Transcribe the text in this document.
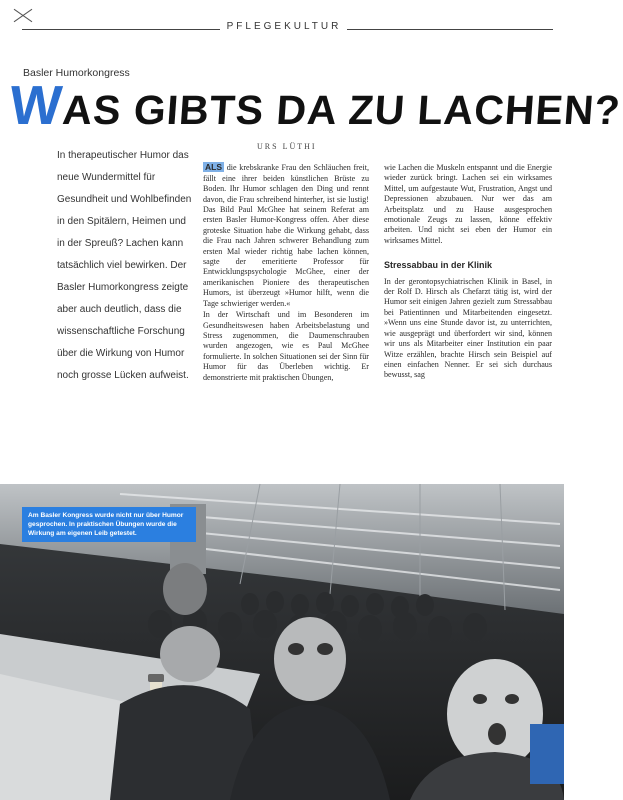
PFLEGEKULTUR
Basler Humorkongress
WAS GIBTS DA ZU LACHEN?
In therapeutischer Humor das neue Wundermittel für Gesundheit und Wohlbefinden in den Spitälern, Heimen und in der Spreuß? Lachen kann tatsächlich viel bewirken. Der Basler Humorkongress zeigte aber auch deutlich, dass die wissenschaftliche Forschung über die Wirkung von Humor noch grosse Lücken aufweist.
URS LÜTHI

ALS die krebskranke Frau den Schläuchen freit, fällt eine ihrer beiden künstlichen Brüste zu Boden. Ihr Humor schlagen den Ding und rennt davon, die Frau schreibend hinterher, ist sie lustig! Das Bild Paul McGhee hat seinem Referat am ersten Basler Humor-Kongress offen. Aber diese groteske Situation habe die Wirkung gehabt, dass die Frau nach Jahren schwerer Behandlung zum ersten Mal wieder richtig habe lachen können, sagte der emeritierte Professor für Entwicklungspsychologie McGhee, einer der amerikanischen Pioniere des therapeutischen Humors, ist überzeugt »Humor hilft, wenn die Tage schwieriger werden.«

In der Wirtschaft und im Besonderen im Gesundheitswesen haben Arbeitsbelastung und Stress zugenommen, die Daumenschrauben wurden angezogen, wie es Paul McGhee formulierte. In solchen Situationen sei der Sinn für Humor für das Überleben wichtig. Er demonstrierte mit praktischen Übungen,

wie Lachen die Muskeln entspannt und die Energie wieder zurück bringt. Lachen sei ein wirksames Mittel, um aufgestaute Wut, Frustration, Angst und Depressionen abzubauen. Nur wer das am Arbeitsplatz und zu Hause ausgesprochen emotionale Zeugs zu lassen, könne effektiv arbeiten. Und nicht sei eben der Humor ein wirksames Mittel.

Stressabbau in der Klinik

In der gerontopsychiatrischen Klinik in Basel, in der Rolf D. Hirsch als Chefarzt tätig ist, wird der Humor seit einigen Jahren gezielt zum Stressabbau bei Patientinnen und Mitarbeitenden eingesetzt. »Wenn uns eine Stunde davor ist, zu unterrichten, wie ausgeprägt und überfordert wir sind, können wir uns als Mitarbeiter einer Institution ein paar Witze erzählen, brachte Hirsch sein Beispiel auf einen einfachen Nenner. Er sei sich durchaus bewusst, sag

Am Basler Kongress wurde nicht nur über Humor gesprochen. In praktischen Übungen wurde die Wirkung am eigenen Leib getestet.
